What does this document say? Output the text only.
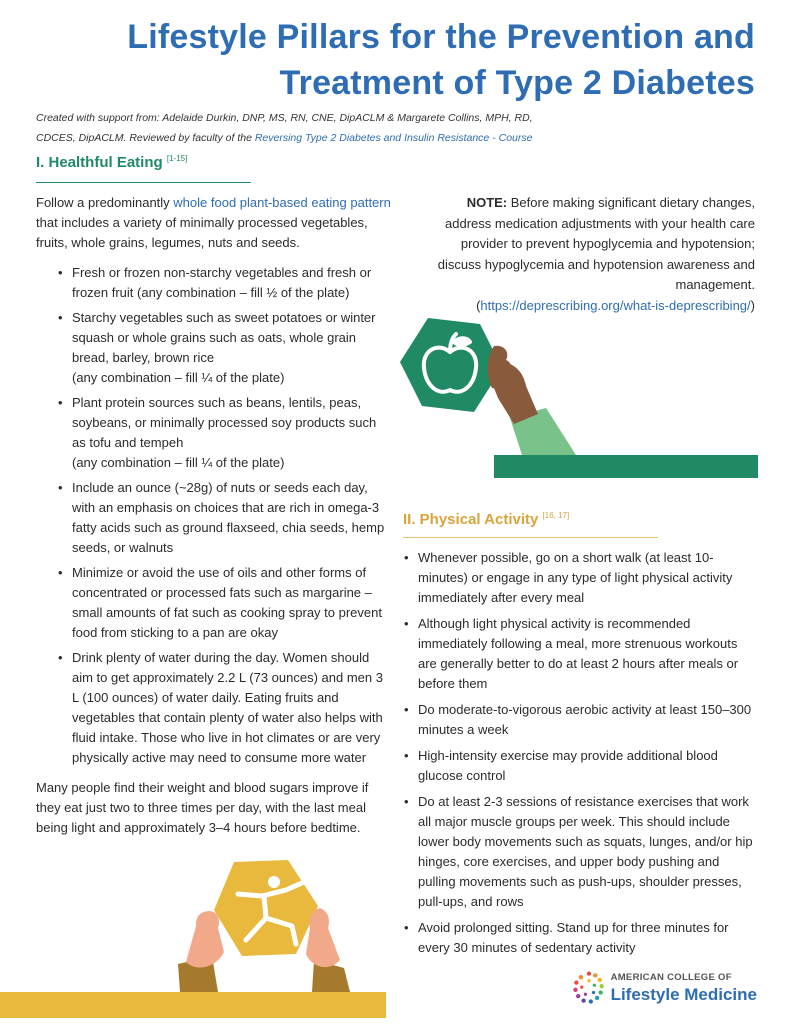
Lifestyle Pillars for the Prevention and
Treatment of Type 2 Diabetes
Created with support from: Adelaide Durkin, DNP, MS, RN, CNE, DipACLM & Margarete Collins, MPH, RD,
CDCES, DipACLM. Reviewed by faculty of the Reversing Type 2 Diabetes and Insulin Resistance - Course
I. Healthful Eating [1-15]

Follow a predominantly whole food plant-based eating pattern that includes a variety of minimally processed vegetables, fruits, whole grains, legumes, nuts and seeds.

• Fresh or frozen non-starchy vegetables and fresh or frozen fruit (any combination – fill ½ of the plate)
• Starchy vegetables such as sweet potatoes or winter squash or whole grains such as oats, whole grain bread, barley, brown rice
(any combination – fill ¼ of the plate)
• Plant protein sources such as beans, lentils, peas, soybeans, or minimally processed soy products such as tofu and tempeh
(any combination – fill ¼ of the plate)
• Include an ounce (~28g) of nuts or seeds each day, with an emphasis on choices that are rich in omega-3 fatty acids such as ground flaxseed, chia seeds, hemp seeds, or walnuts
• Minimize or avoid the use of oils and other forms of concentrated or processed fats such as margarine – small amounts of fat such as cooking spray to prevent food from sticking to a pan are okay
• Drink plenty of water during the day. Women should aim to get approximately 2.2 L (73 ounces) and men 3 L (100 ounces) of water daily. Eating fruits and vegetables that contain plenty of water also helps with fluid intake. Those who live in hot climates or are very physically active may need to consume more water

Many people find their weight and blood sugars improve if they eat just two to three times per day, with the last meal being light and approximately 3–4 hours before bedtime.

NOTE: Before making significant dietary changes, address medication adjustments with your health care provider to prevent hypoglycemia and hypotension; discuss hypoglycemia and hypotension awareness and management.
(https://deprescribing.org/what-is-deprescribing/)

II. Physical Activity [16, 17]
• Whenever possible, go on a short walk (at least 10-minutes) or engage in any type of light physical activity immediately after every meal
• Although light physical activity is recommended immediately following a meal, more strenuous workouts are generally better to do at least 2 hours after meals or before them
• Do moderate-to-vigorous aerobic activity at least 150–300 minutes a week
• High-intensity exercise may provide additional blood glucose control
• Do at least 2-3 sessions of resistance exercises that work all major muscle groups per week. This should include lower body movements such as squats, lunges, and/or hip hinges, core exercises, and upper body pushing and pulling movements such as push-ups, shoulder presses, pull-ups, and rows
• Avoid prolonged sitting. Stand up for three minutes for every 30 minutes of sedentary activity
AMERICAN COLLEGE OF
Lifestyle Medicine
